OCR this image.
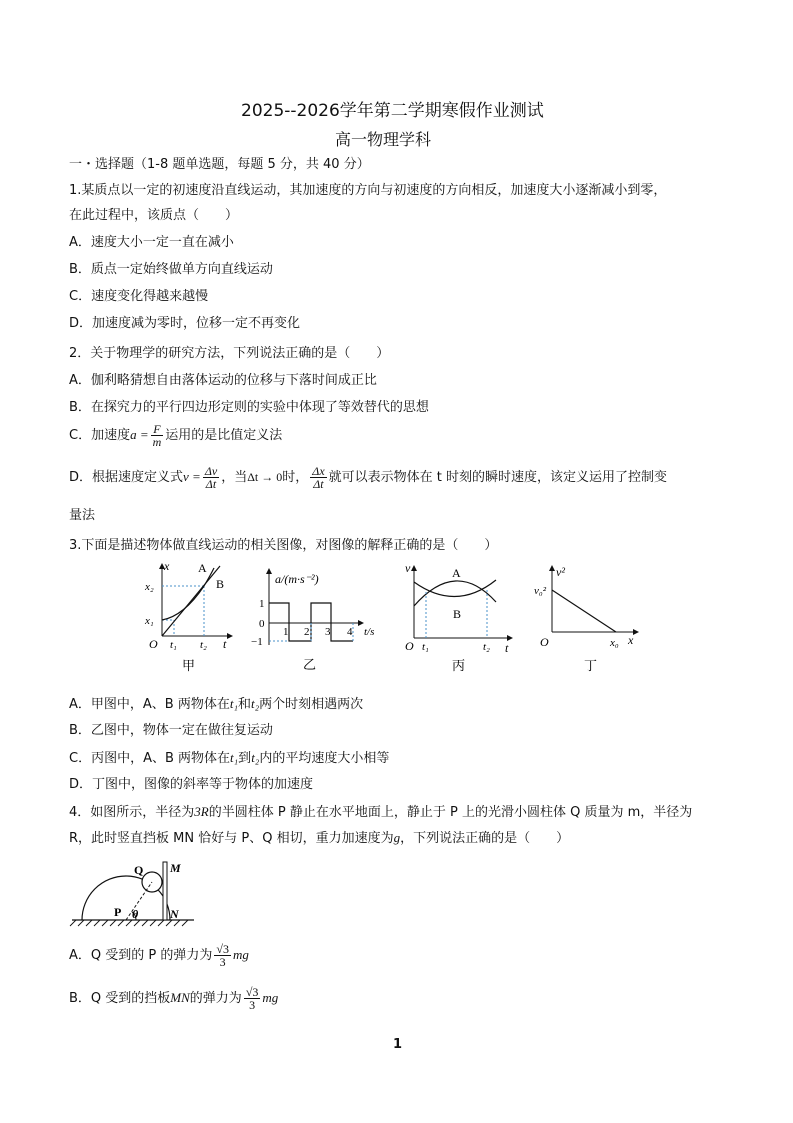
2025--2026学年第二学期寒假作业测试
高一物理学科
一・选择题（1-8 题单选题，每题 5 分，共 40 分）
1.某质点以一定的初速度沿直线运动，其加速度的方向与初速度的方向相反，加速度大小逐渐减小到零，
在此过程中，该质点（　　）
A．速度大小一定一直在减小
B．质点一定始终做单方向直线运动
C．速度变化得越来越慢
D．加速度减为零时，位移一定不再变化
2．关于物理学的研究方法，下列说法正确的是（　　）
A．伽利略猜想自由落体运动的位移与下落时间成正比
B．在探究力的平行四边形定则的实验中体现了等效替代的思想
C．加速度$a = \frac{F}{m}$ 运用的是比值定义法
D．根据速度定义式$v = \frac{\Delta v}{\Delta t}$ ，当Δt → 0时， $\frac{\Delta x}{\Delta t}$ 就可以表示物体在 t 时刻的瞬时速度，该定义运用了控制变
量法
3.下面是描述物体做直线运动的相关图像，对图像的解释正确的是（　　）
x
x₂
x₁
O t₁ t₂ t
A
B
甲
a/(m·s⁻²)
1
0
−1
1 2 3 4 t/s
乙
v
O t₁	t₂ t
A
B
丙
v²
v₀²
O	x₀ x
丁
A．甲图中，A、B 两物体在t₁和t₂两个时刻相遇两次
B．乙图中，物体一定在做往复运动
C．丙图中，A、B 两物体在t₁到t₂内的平均速度大小相等
D．丁图中，图像的斜率等于物体的加速度
4．如图所示，半径为3R的半圆柱体 P 静止在水平地面上，静止于 P 上的光滑小圆柱体 Q 质量为 m，半径为
R，此时竖直挡板 MN 恰好与 P、Q 相切，重力加速度为g，下列说法正确的是（　　）
Q
P θ
M
N
A．Q 受到的 P 的弹力为 $\frac{√3}{3}$ mg
B．Q 受到的挡板MN的弹力为 $\frac{√3}{3}$ mg
1
